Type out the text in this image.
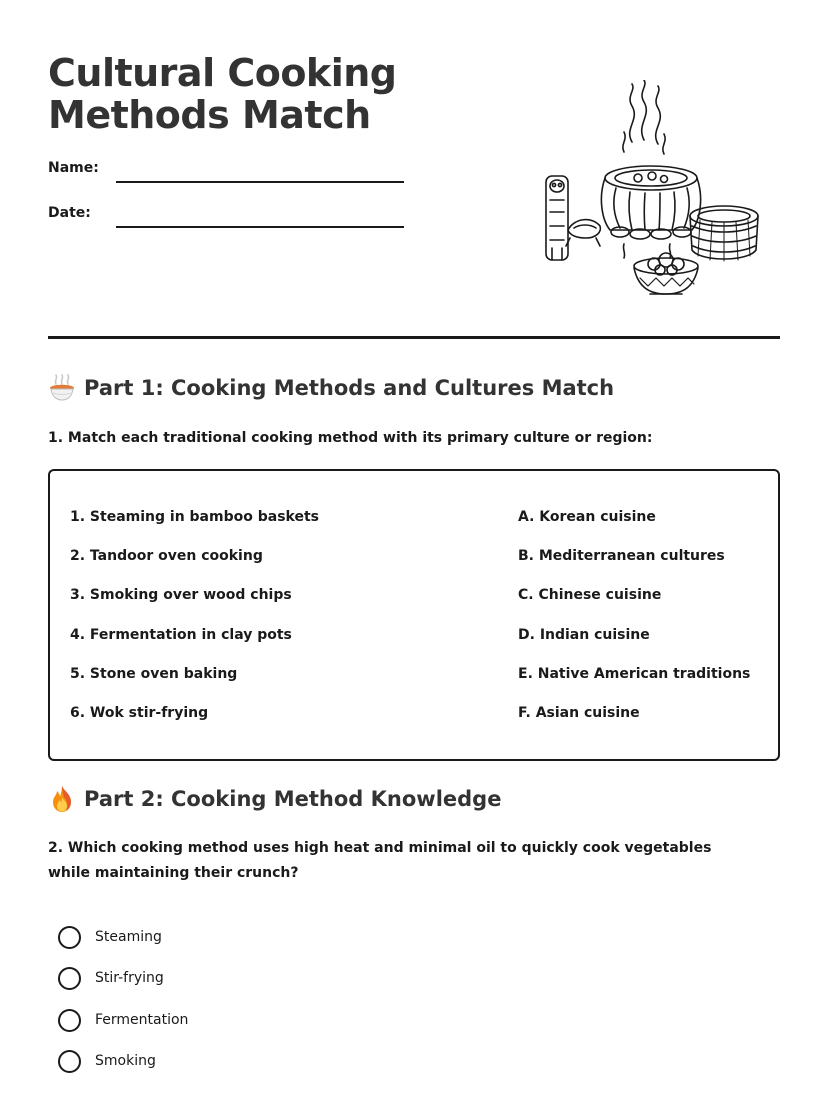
Cultural Cooking
Methods Match
Name:
Date:
Part 1: Cooking Methods and Cultures Match
1. Match each traditional cooking method with its primary culture or region:
1. Steaming in bamboo baskets
2. Tandoor oven cooking
3. Smoking over wood chips
4. Fermentation in clay pots
5. Stone oven baking
6. Wok stir-frying
A. Korean cuisine
B. Mediterranean cultures
C. Chinese cuisine
D. Indian cuisine
E. Native American traditions
F. Asian cuisine
Part 2: Cooking Method Knowledge
2. Which cooking method uses high heat and minimal oil to quickly cook vegetables while maintaining their crunch?
Steaming
Stir-frying
Fermentation
Smoking
